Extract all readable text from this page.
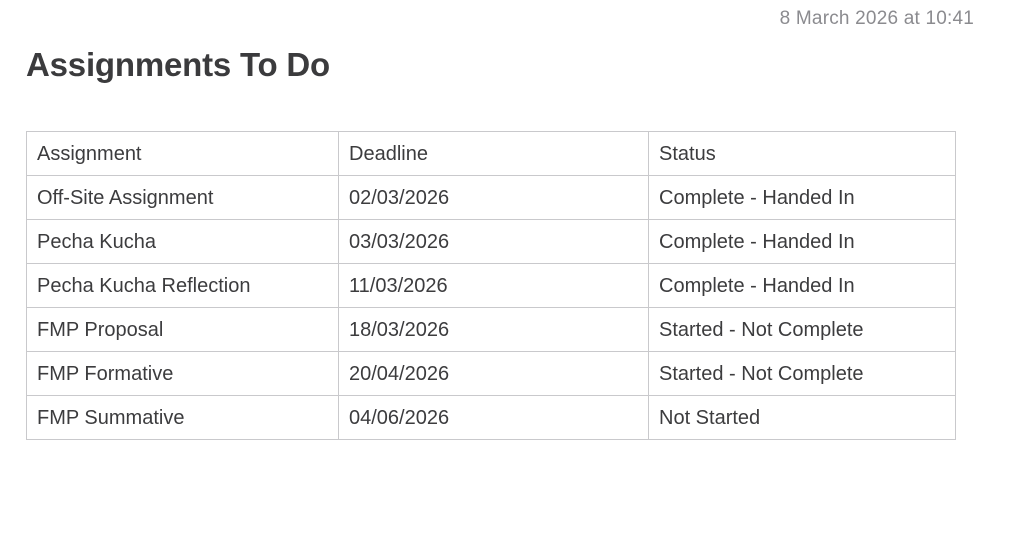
8 March 2026 at 10:41
Assignments To Do
Assignment	Deadline	Status
Off-Site Assignment	02/03/2026	Complete - Handed In
Pecha Kucha	03/03/2026	Complete - Handed In
Pecha Kucha Reflection	11/03/2026	Complete - Handed In
FMP Proposal	18/03/2026	Started - Not Complete
FMP Formative	20/04/2026	Started - Not Complete
FMP Summative	04/06/2026	Not Started
